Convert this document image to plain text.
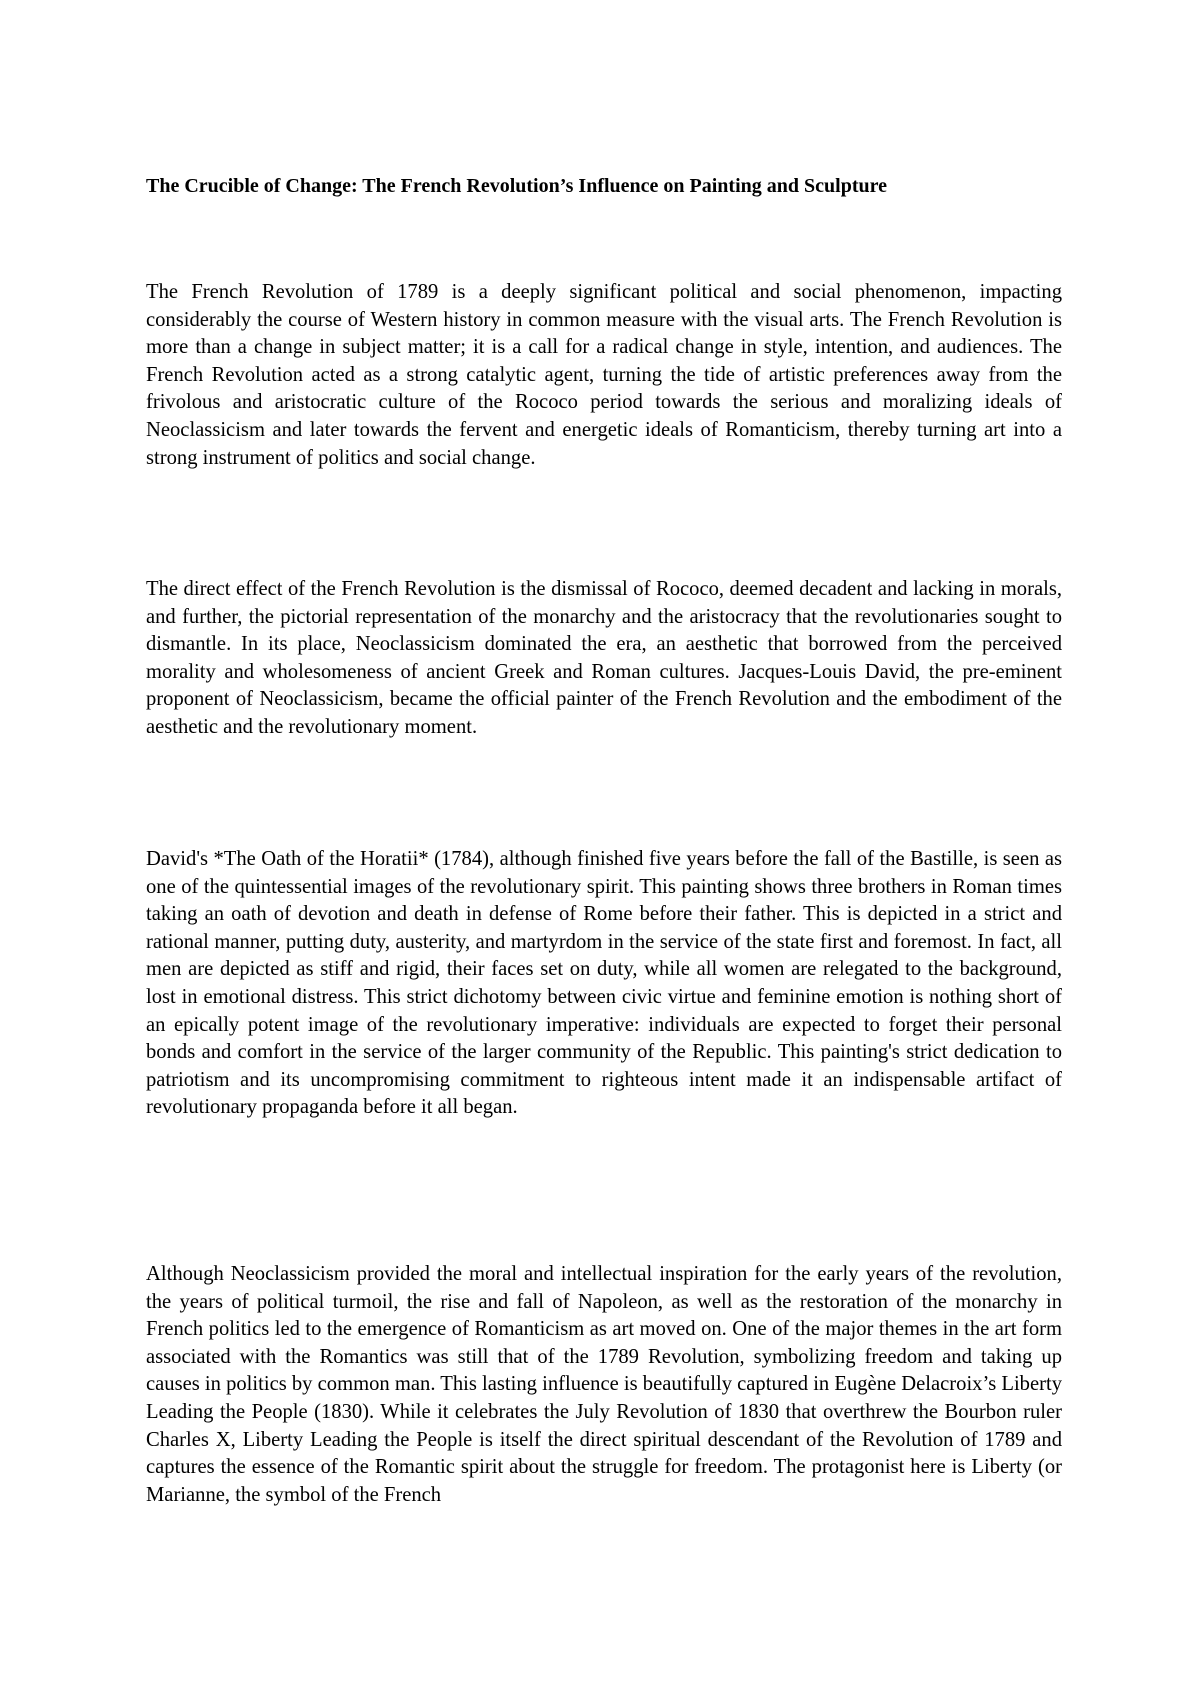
The Crucible of Change: The French Revolution’s Influence on Painting and Sculpture

The French Revolution of 1789 is a deeply significant political and social phenomenon, impacting considerably the course of Western history in common measure with the visual arts. The French Revolution is more than a change in subject matter; it is a call for a radical change in style, intention, and audiences. The French Revolution acted as a strong catalytic agent, turning the tide of artistic preferences away from the frivolous and aristocratic culture of the Rococo period towards the serious and moralizing ideals of Neoclassicism and later towards the fervent and energetic ideals of Romanticism, thereby turning art into a strong instrument of politics and social change.

The direct effect of the French Revolution is the dismissal of Rococo, deemed decadent and lacking in morals, and further, the pictorial representation of the monarchy and the aristocracy that the revolutionaries sought to dismantle. In its place, Neoclassicism dominated the era, an aesthetic that borrowed from the perceived morality and wholesomeness of ancient Greek and Roman cultures. Jacques-Louis David, the pre-eminent proponent of Neoclassicism, became the official painter of the French Revolution and the embodiment of the aesthetic and the revolutionary moment.

David's *The Oath of the Horatii* (1784), although finished five years before the fall of the Bastille, is seen as one of the quintessential images of the revolutionary spirit. This painting shows three brothers in Roman times taking an oath of devotion and death in defense of Rome before their father. This is depicted in a strict and rational manner, putting duty, austerity, and martyrdom in the service of the state first and foremost. In fact, all men are depicted as stiff and rigid, their faces set on duty, while all women are relegated to the background, lost in emotional distress. This strict dichotomy between civic virtue and feminine emotion is nothing short of an epically potent image of the revolutionary imperative: individuals are expected to forget their personal bonds and comfort in the service of the larger community of the Republic. This painting's strict dedication to patriotism and its uncompromising commitment to righteous intent made it an indispensable artifact of revolutionary propaganda before it all began.

Although Neoclassicism provided the moral and intellectual inspiration for the early years of the revolution, the years of political turmoil, the rise and fall of Napoleon, as well as the restoration of the monarchy in French politics led to the emergence of Romanticism as art moved on. One of the major themes in the art form associated with the Romantics was still that of the 1789 Revolution, symbolizing freedom and taking up causes in politics by common man. This lasting influence is beautifully captured in Eugène Delacroix’s Liberty Leading the People (1830). While it celebrates the July Revolution of 1830 that overthrew the Bourbon ruler Charles X, Liberty Leading the People is itself the direct spiritual descendant of the Revolution of 1789 and captures the essence of the Romantic spirit about the struggle for freedom. The protagonist here is Liberty (or Marianne, the symbol of the French
